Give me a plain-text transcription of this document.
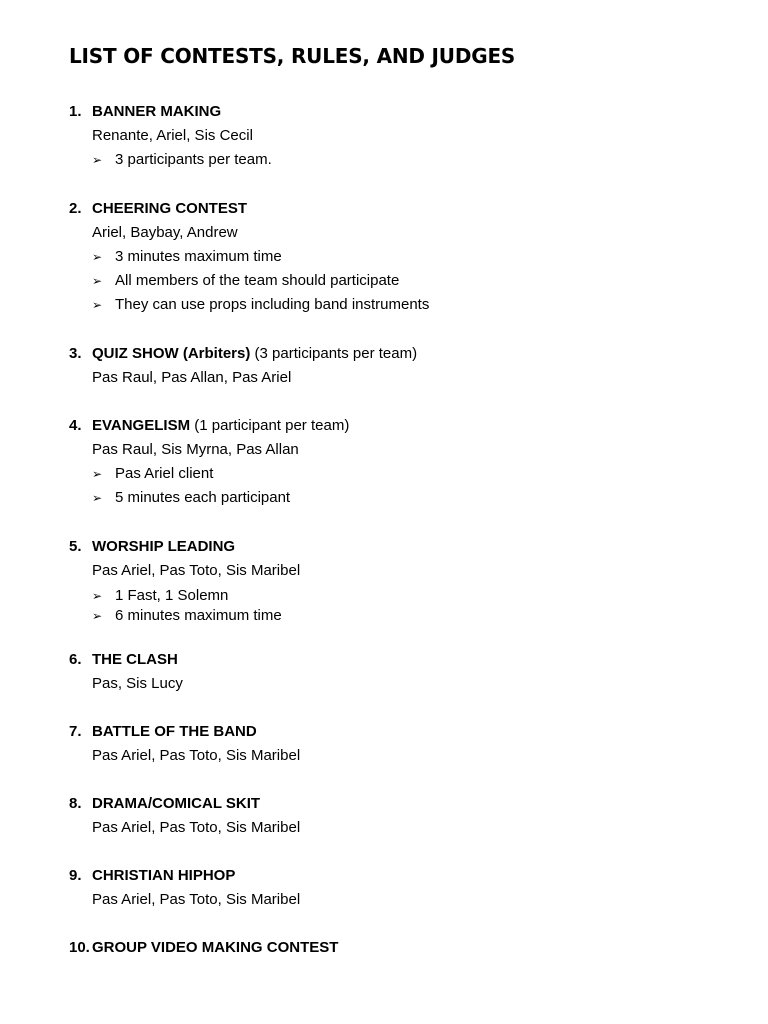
LIST OF CONTESTS, RULES, AND JUDGES
1. BANNER MAKING
Renante, Ariel, Sis Cecil
➢ 3 participants per team.
2. CHEERING CONTEST
Ariel, Baybay, Andrew
➢ 3 minutes maximum time
➢ All members of the team should participate
➢ They can use props including band instruments
3. QUIZ SHOW (Arbiters) (3 participants per team)
Pas Raul, Pas Allan, Pas Ariel
4. EVANGELISM (1 participant per team)
Pas Raul, Sis Myrna, Pas Allan
➢ Pas Ariel client
➢ 5 minutes each participant
5. WORSHIP LEADING
Pas Ariel, Pas Toto, Sis Maribel
➢ 1 Fast, 1 Solemn
➢ 6 minutes maximum time
6. THE CLASH
Pas, Sis Lucy
7. BATTLE OF THE BAND
Pas Ariel, Pas Toto, Sis Maribel
8. DRAMA/COMICAL SKIT
Pas Ariel, Pas Toto, Sis Maribel
9. CHRISTIAN HIPHOP
Pas Ariel, Pas Toto, Sis Maribel
10. GROUP VIDEO MAKING CONTEST
